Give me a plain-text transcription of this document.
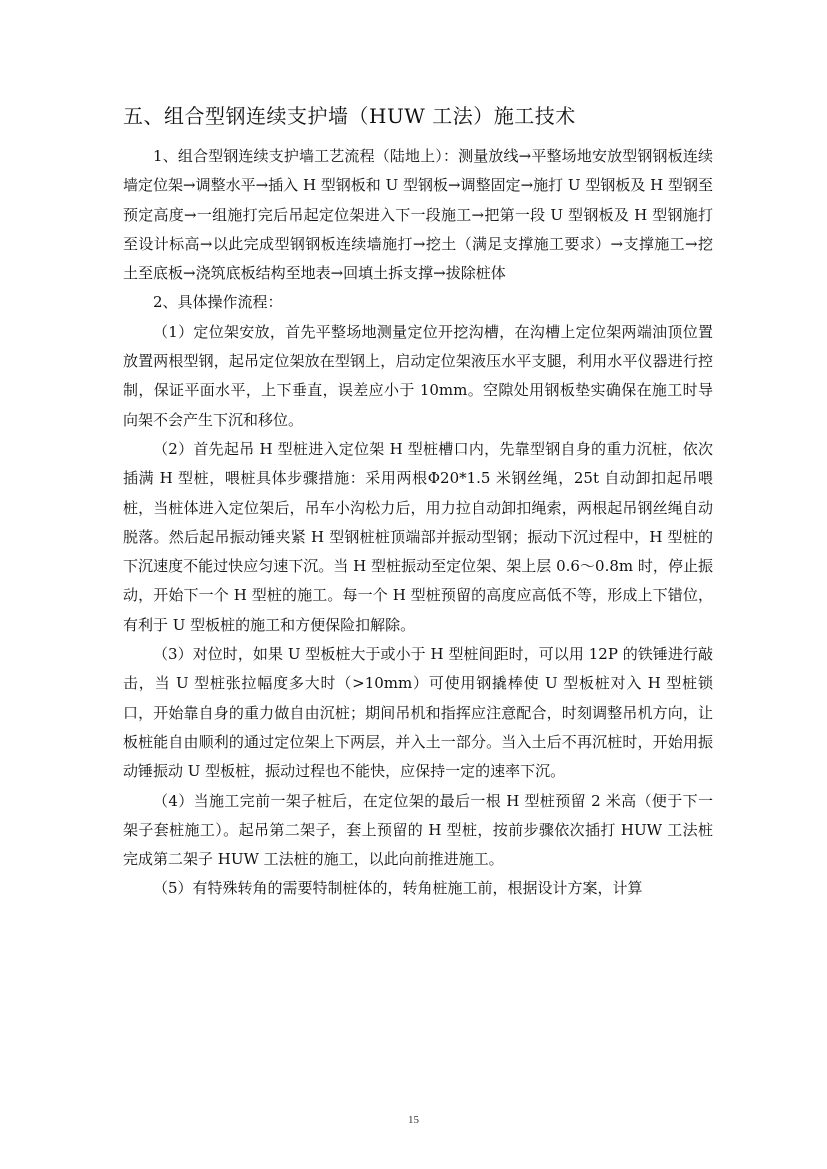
五、组合型钢连续支护墙（HUW 工法）施工技术

1、组合型钢连续支护墙工艺流程（陆地上）：测量放线→平整场地安放型钢钢板连续墙定位架→调整水平→插入 H 型钢板和 U 型钢板→调整固定→施打 U 型钢板及 H 型钢至预定高度→一组施打完后吊起定位架进入下一段施工→把第一段 U 型钢板及 H 型钢施打至设计标高→以此完成型钢钢板连续墙施打→挖土（满足支撑施工要求）→支撑施工→挖土至底板→浇筑底板结构至地表→回填土拆支撑→拔除桩体

2、具体操作流程：

（1）定位架安放，首先平整场地测量定位开挖沟槽，在沟槽上定位架两端油顶位置放置两根型钢，起吊定位架放在型钢上，启动定位架液压水平支腿，利用水平仪器进行控制，保证平面水平，上下垂直，误差应小于 10mm。空隙处用钢板垫实确保在施工时导向架不会产生下沉和移位。

（2）首先起吊 H 型桩进入定位架 H 型桩槽口内，先靠型钢自身的重力沉桩，依次插满 H 型桩，喂桩具体步骤措施：采用两根Φ20*1.5 米钢丝绳，25t 自动卸扣起吊喂桩，当桩体进入定位架后，吊车小沟松力后，用力拉自动卸扣绳索，两根起吊钢丝绳自动脱落。然后起吊振动锤夹紧 H 型钢桩桩顶端部并振动型钢；振动下沉过程中，H 型桩的下沉速度不能过快应匀速下沉。当 H 型桩振动至定位架、架上层 0.6～0.8m 时，停止振动，开始下一个 H 型桩的施工。每一个 H 型桩预留的高度应高低不等，形成上下错位，有利于 U 型板桩的施工和方便保险扣解除。

（3）对位时，如果 U 型板桩大于或小于 H 型桩间距时，可以用 12P 的铁锤进行敲击，当 U 型桩张拉幅度多大时（>10mm）可使用钢撬棒使 U 型板桩对入 H 型桩锁口，开始靠自身的重力做自由沉桩；期间吊机和指挥应注意配合，时刻调整吊机方向，让板桩能自由顺利的通过定位架上下两层，并入土一部分。当入土后不再沉桩时，开始用振动锤振动 U 型板桩，振动过程也不能快，应保持一定的速率下沉。

（4）当施工完前一架子桩后，在定位架的最后一根 H 型桩预留 2 米高（便于下一架子套桩施工）。起吊第二架子，套上预留的 H 型桩，按前步骤依次插打 HUW 工法桩完成第二架子 HUW 工法桩的施工，以此向前推进施工。

（5）有特殊转角的需要特制桩体的，转角桩施工前，根据设计方案，计算

15
